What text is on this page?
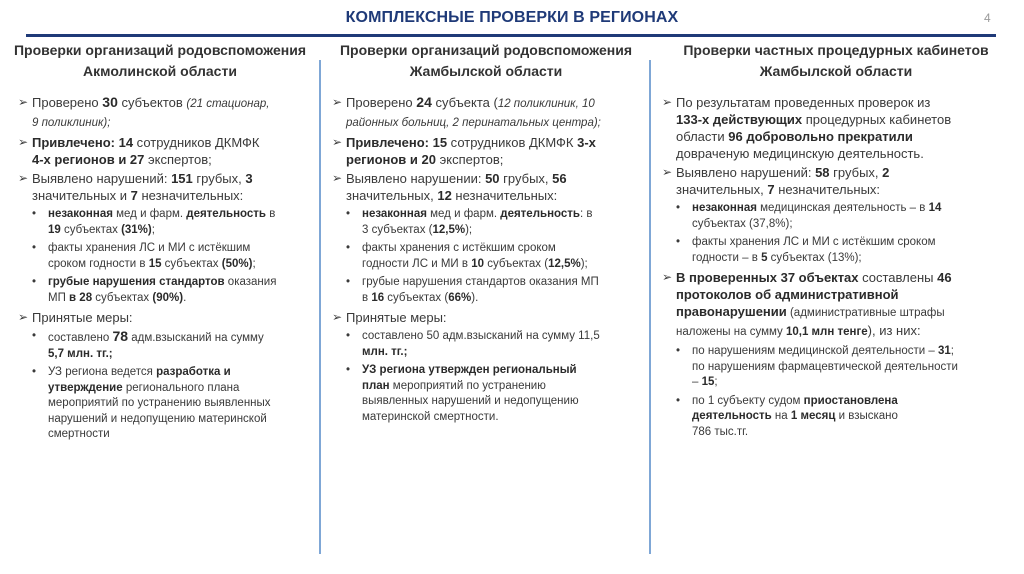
КОМПЛЕКСНЫЕ ПРОВЕРКИ В РЕГИОНАХ	4
Проверки организаций родовспоможения
Акмолинской области
➢ Проверено 30 субъектов (21 стационар,
9 поликлиник);
➢ Привлечено: 14 сотрудников ДКМФК
4-х регионов и 27 экспертов;
➢ Выявлено нарушений: 151 грубых, 3
значительных и 7 незначительных:
• незаконная мед и фарм. деятельность в
19 субъектах (31%);
• факты хранения ЛС и МИ с истёкшим
сроком годности в 15 субъектах (50%);
• грубые нарушения стандартов оказания
МП в 28 субъектах (90%).
➢ Принятые меры:
• составлено 78 адм.взысканий на сумму
5,7 млн. тг.;
• УЗ региона ведется разработка и
утверждение регионального плана
мероприятий по устранению выявленных
нарушений и недопущению материнской
смертности
Проверки организаций родовспоможения
Жамбылской области
➢ Проверено 24 субъекта (12 поликлиник, 10
районных больниц, 2 перинатальных центра);
➢ Привлечено: 15 сотрудников ДКМФК 3-х
регионов и 20 экспертов;
➢ Выявлено нарушении: 50 грубых, 56
значительных, 12 незначительных:
• незаконная мед и фарм. деятельность: в
3 субъектах (12,5%);
• факты хранения с истёкшим сроком
годности ЛС и МИ в 10 субъектах (12,5%);
• грубые нарушения стандартов оказания МП
в 16 субъектах (66%).
➢ Принятые меры:
• составлено 50 адм.взысканий на сумму 11,5
млн. тг.;
• УЗ региона утвержден региональный
план мероприятий по устранению
выявленных нарушений и недопущению
материнской смертности.
Проверки частных процедурных кабинетов
Жамбылской области
➢ По результатам проведенных проверок из
133-х действующих процедурных кабинетов
области 96 добровольно прекратили
довраченую медицинскую деятельность.
➢ Выявлено нарушений: 58 грубых, 2
значительных, 7 незначительных:
• незаконная медицинская деятельность – в 14
субъектах (37,8%);
• факты хранения ЛС и МИ с истёкшим сроком
годности – в 5 субъектах (13%);
➢ В проверенных 37 объектах составлены 46
протоколов об административной
правонарушении (административные штрафы
наложены на сумму 10,1 млн тенге), из них:
• по нарушениям медицинской деятельности – 31;
по нарушениям фармацевтической деятельности
– 15;
• по 1 субъекту судом приостановлена
деятельность на 1 месяц и взыскано
786 тыс.тг.
